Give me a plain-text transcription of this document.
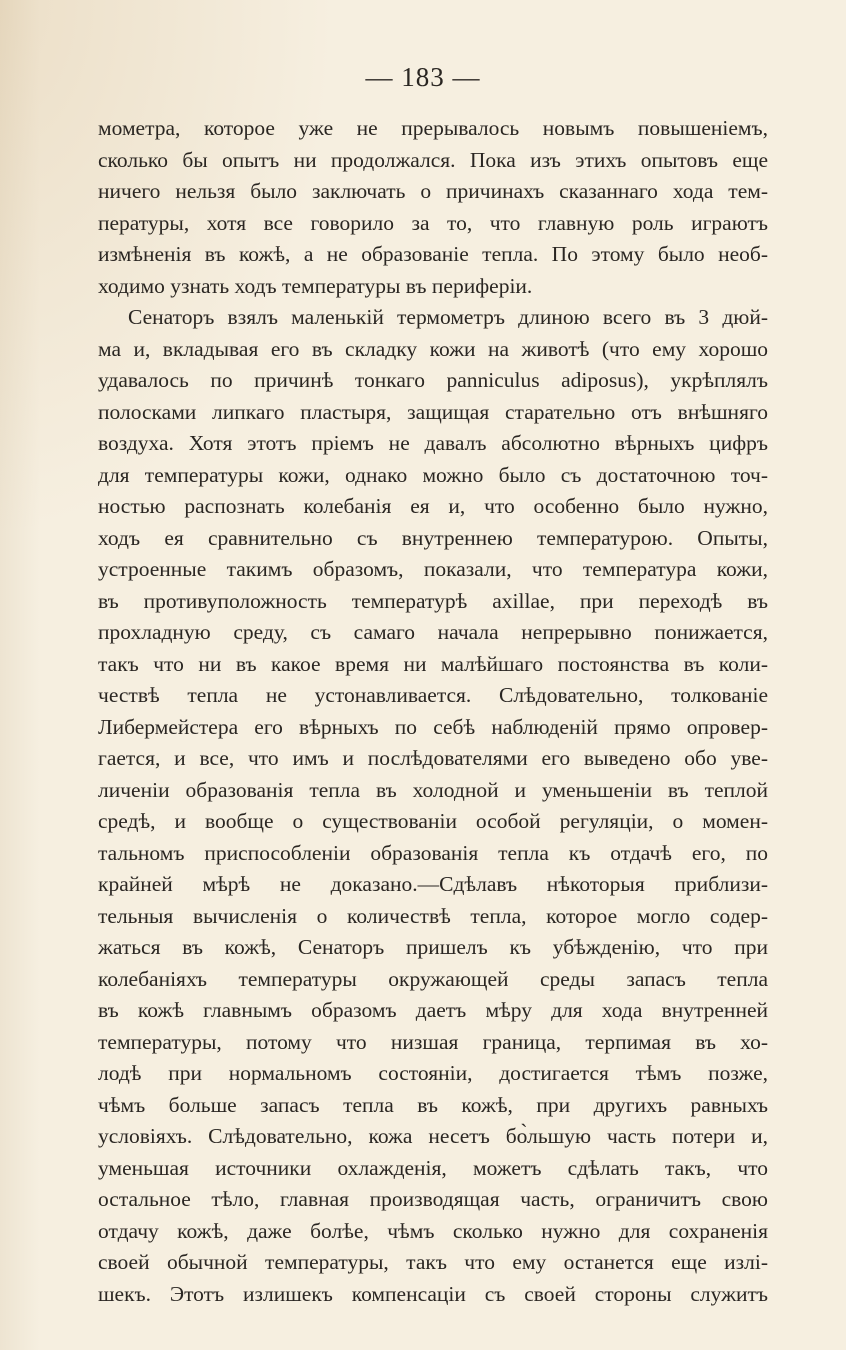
— 183 —
мометра, которое уже не прерывалось новымъ повышеніемъ,
сколько бы опытъ ни продолжался. Пока изъ этихъ опытовъ еще
ничего нельзя было заключать о причинахъ сказаннаго хода тем-
пературы, хотя все говорило за то, что главную роль играютъ
измѣненія въ кожѣ, а не образованіе тепла. По этому было необ-
ходимо узнать ходъ температуры въ периферіи.
Сенаторъ взялъ маленькій термометръ длиною всего въ 3 дюй-
ма и, вкладывая его въ складку кожи на животѣ (что ему хорошо
удавалось по причинѣ тонкаго panniculus adiposus), укрѣплялъ
полосками липкаго пластыря, защищая старательно отъ внѣшняго
воздуха. Хотя этотъ пріемъ не давалъ абсолютно вѣрныхъ цифръ
для температуры кожи, однако можно было съ достаточною точ-
ностью распознать колебанія ея и, что особенно было нужно,
ходъ ея сравнительно съ внутреннею температурою. Опыты,
устроенные такимъ образомъ, показали, что температура кожи,
въ противуположность температурѣ axillae, при переходѣ въ
прохладную среду, съ самаго начала непрерывно понижается,
такъ что ни въ какое время ни малѣйшаго постоянства въ коли-
чествѣ тепла не устонавливается. Слѣдовательно, толкованіе
Либермейстера его вѣрныхъ по себѣ наблюденій прямо опровер-
гается, и все, что имъ и послѣдователями его выведено обо уве-
личеніи образованія тепла въ холодной и уменьшеніи въ теплой
средѣ, и вообще о существованіи особой регуляціи, о момен-
тальномъ приспособленіи образованія тепла къ отдачѣ его, по
крайней мѣрѣ не доказано.—Сдѣлавъ нѣкоторыя приблизи-
тельныя вычисленія о количествѣ тепла, которое могло содер-
жаться въ кожѣ, Сенаторъ пришелъ къ убѣжденію, что при
колебаніяхъ температуры окружающей среды запасъ тепла
въ кожѣ главнымъ образомъ даетъ мѣру для хода внутренней
температуры, потому что низшая граница, терпимая въ хо-
лодѣ при нормальномъ состояніи, достигается тѣмъ позже,
чѣмъ больше запасъ тепла въ кожѣ, при другихъ равныхъ
условіяхъ. Слѣдовательно, кожа несетъ бо̀льшую часть потери и,
уменьшая источники охлажденія, можетъ сдѣлать такъ, что
остальное тѣло, главная производящая часть, ограничитъ свою
отдачу кожѣ, даже болѣе, чѣмъ сколько нужно для сохраненія
своей обычной температуры, такъ что ему останется еще излі-
шекъ. Этотъ излишекъ компенсаціи съ своей стороны служитъ
